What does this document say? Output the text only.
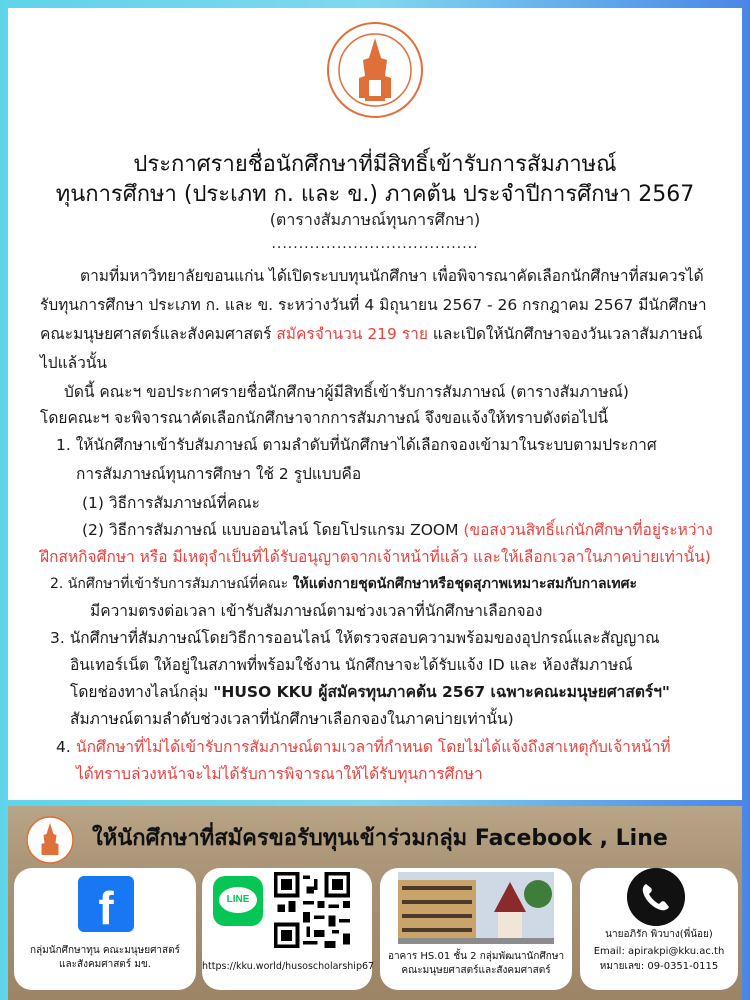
ประกาศรายชื่อนักศึกษาที่มีสิทธิ์เข้ารับการสัมภาษณ์
ทุนการศึกษา (ประเภท ก. และ ข.) ภาคต้น ประจำปีการศึกษา 2567
(ตารางสัมภาษณ์ทุนการศึกษา)
......................................
ตามที่มหาวิทยาลัยขอนแก่น ได้เปิดระบบทุนนักศึกษา เพื่อพิจารณาคัดเลือกนักศึกษาที่สมควรได้
รับทุนการศึกษา ประเภท ก. และ ข. ระหว่างวันที่ 4 มิถุนายน 2567 - 26 กรกฎาคม 2567 มีนักศึกษา
คณะมนุษยศาสตร์และสังคมศาสตร์ สมัครจำนวน 219 ราย และเปิดให้นักศึกษาจองวันเวลาสัมภาษณ์
ไปแล้วนั้น
บัดนี้ คณะฯ ขอประกาศรายชื่อนักศึกษาผู้มีสิทธิ์เข้ารับการสัมภาษณ์ (ตารางสัมภาษณ์)
โดยคณะฯ จะพิจารณาคัดเลือกนักศึกษาจากการสัมภาษณ์ จึงขอแจ้งให้ทราบดังต่อไปนี้
1. ให้นักศึกษาเข้ารับสัมภาษณ์ ตามลำดับที่นักศึกษาได้เลือกจองเข้ามาในระบบตามประกาศ
การสัมภาษณ์ทุนการศึกษา ใช้ 2 รูปแบบคือ
(1) วิธีการสัมภาษณ์ที่คณะ
(2) วิธีการสัมภาษณ์ แบบออนไลน์ โดยโปรแกรม ZOOM (ขอสงวนสิทธิ์แก่นักศึกษาที่อยู่ระหว่าง
ฝึกสหกิจศึกษา หรือ มีเหตุจำเป็นที่ได้รับอนุญาตจากเจ้าหน้าที่แล้ว และให้เลือกเวลาในภาคบ่ายเท่านั้น)
2. นักศึกษาที่เข้ารับการสัมภาษณ์ที่คณะ ให้แต่งกายชุดนักศึกษาหรือชุดสุภาพเหมาะสมกับกาลเทศะ
มีความตรงต่อเวลา เข้ารับสัมภาษณ์ตามช่วงเวลาที่นักศึกษาเลือกจอง
3. นักศึกษาที่สัมภาษณ์โดยวิธีการออนไลน์ ให้ตรวจสอบความพร้อมของอุปกรณ์และสัญญาณ
อินเทอร์เน็ต ให้อยู่ในสภาพที่พร้อมใช้งาน นักศึกษาจะได้รับแจ้ง ID และ ห้องสัมภาษณ์
โดยช่องทางไลน์กลุ่ม "HUSO KKU ผู้สมัครทุนภาคต้น 2567 เฉพาะคณะมนุษยศาสตร์ฯ"
สัมภาษณ์ตามลำดับช่วงเวลาที่นักศึกษาเลือกจองในภาคบ่ายเท่านั้น)
4. นักศึกษาที่ไม่ได้เข้ารับการสัมภาษณ์ตามเวลาที่กำหนด โดยไม่ได้แจ้งถึงสาเหตุกับเจ้าหน้าที่
ได้ทราบล่วงหน้าจะไม่ได้รับการพิจารณาให้ได้รับทุนการศึกษา
ให้นักศึกษาที่สมัครขอรับทุนเข้าร่วมกลุ่ม Facebook , Line
f
กลุ่มนักศึกษาทุน คณะมนุษยศาสตร์
และสังคมศาสตร์ มข.
LINE
https://kku.world/husoscholarship67
อาคาร HS.01 ชั้น 2 กลุ่มพัฒนานักศึกษา
คณะมนุษยศาสตร์และสังคมศาสตร์
นายอภิรัก พิวบาง(พี่น้อย)
Email: apirakpi@kku.ac.th
หมายเลข: 09-0351-0115
